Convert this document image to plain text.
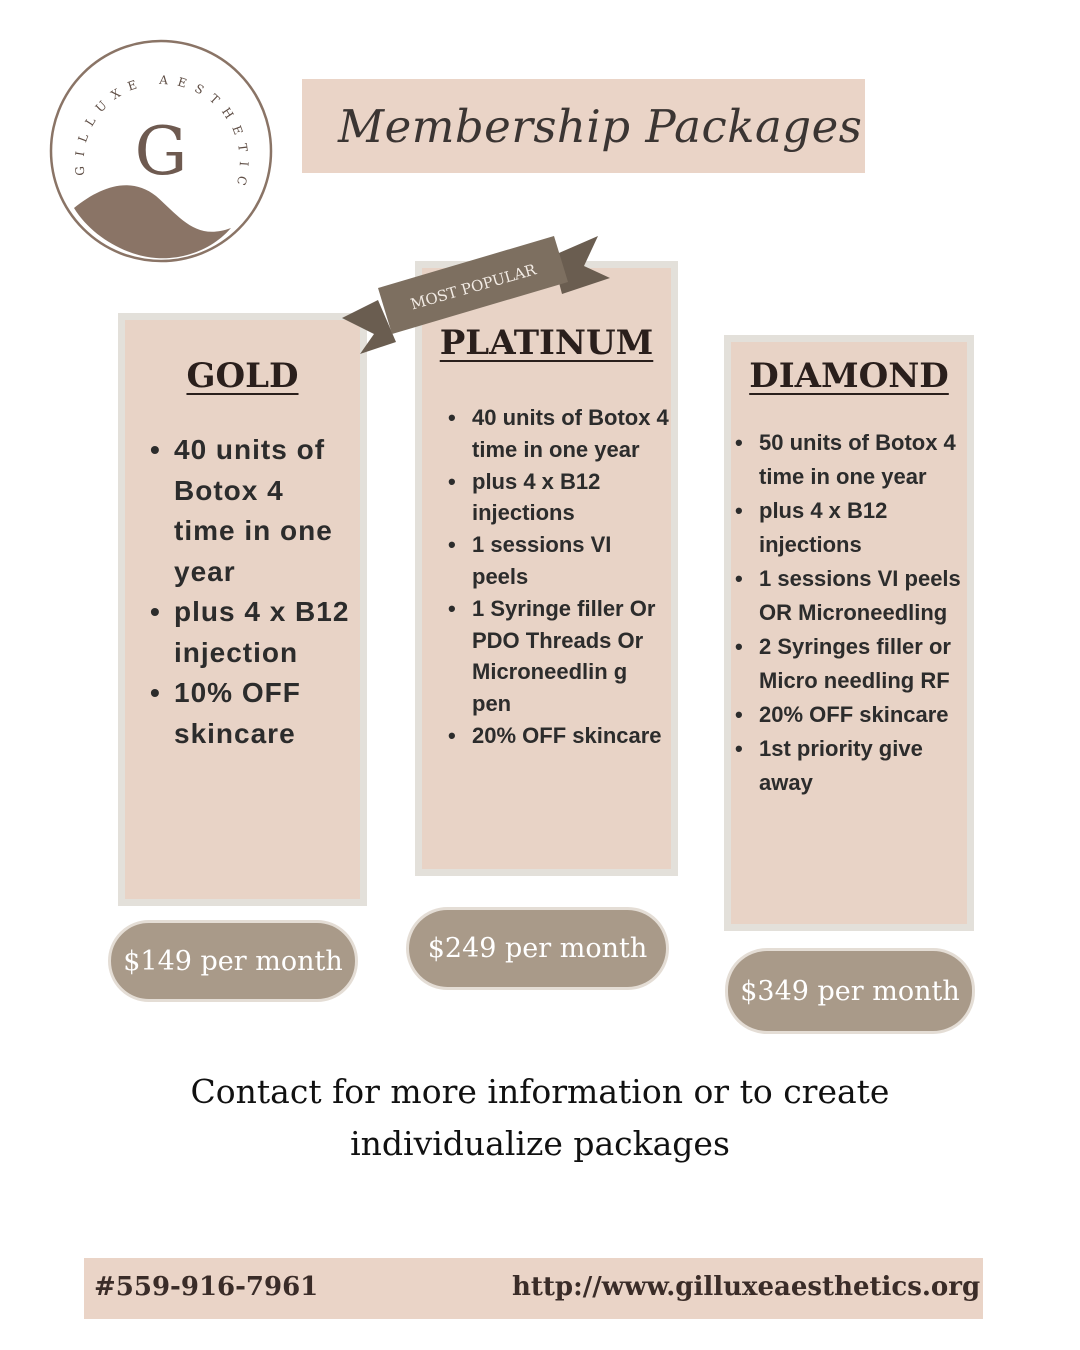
GILLUXE AESTHETIC
G	Membership Packages
GOLD
• 40 units of Botox 4 time in one year
• plus 4 x B12 injection
• 10% OFF skincare
PLATINUM
• 40 units of Botox 4 time in one year
• plus 4 x B12 injections
• 1 sessions VI peels
• 1 Syringe filler Or PDO Threads Or Microneedlin g pen
• 20% OFF skincare
MOST POPULAR
DIAMOND
• 50 units of Botox 4 time in one year
• plus 4 x B12 injections
• 1 sessions VI peels OR Microneedling
• 2 Syringes filler or Micro needling RF
• 20% OFF skincare
• 1st priority give away
$149 per month	$249 per month
$349 per month
Contact for more information or to create
individualize packages
#559-916-7961	http://www.gilluxeaesthetics.org
